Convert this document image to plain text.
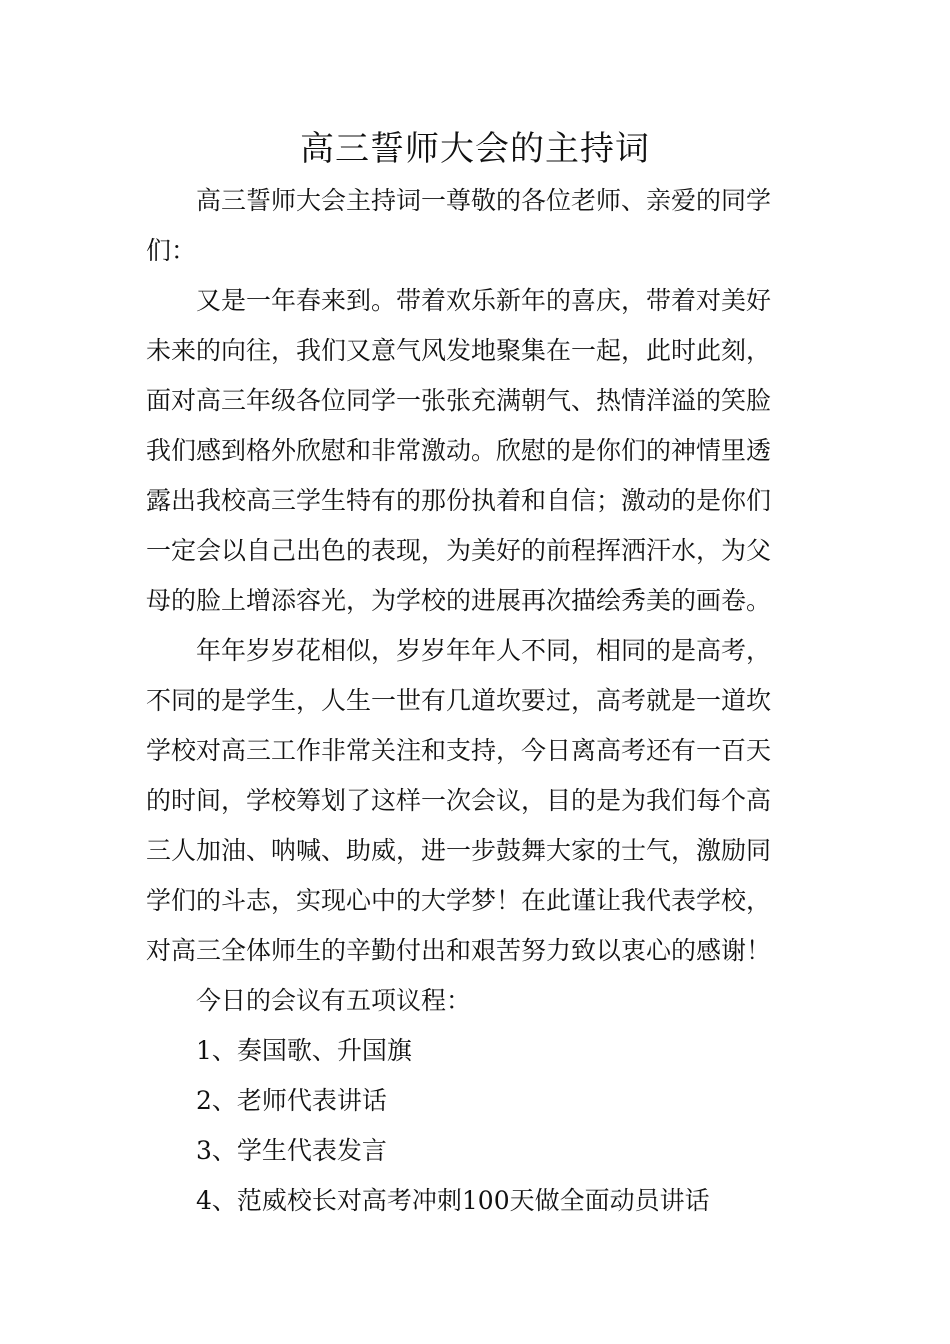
高三誓师大会的主持词

高三誓师大会主持词一尊敬的各位老师、亲爱的同学
们：

又是一年春来到。带着欢乐新年的喜庆，带着对美好
未来的向往，我们又意气风发地聚集在一起，此时此刻，
面对高三年级各位同学一张张充满朝气、热情洋溢的笑脸
我们感到格外欣慰和非常激动。欣慰的是你们的神情里透
露出我校高三学生特有的那份执着和自信；激动的是你们
一定会以自己出色的表现，为美好的前程挥洒汗水，为父
母的脸上增添容光，为学校的进展再次描绘秀美的画卷。

年年岁岁花相似，岁岁年年人不同，相同的是高考，
不同的是学生，人生一世有几道坎要过，高考就是一道坎
学校对高三工作非常关注和支持，今日离高考还有一百天
的时间，学校筹划了这样一次会议，目的是为我们每个高
三人加油、呐喊、助威，进一步鼓舞大家的士气，激励同
学们的斗志，实现心中的大学梦！在此谨让我代表学校，
对高三全体师生的辛勤付出和艰苦努力致以衷心的感谢！

今日的会议有五项议程：

1、奏国歌、升国旗

2、老师代表讲话

3、学生代表发言

4、范威校长对高考冲刺100天做全面动员讲话
